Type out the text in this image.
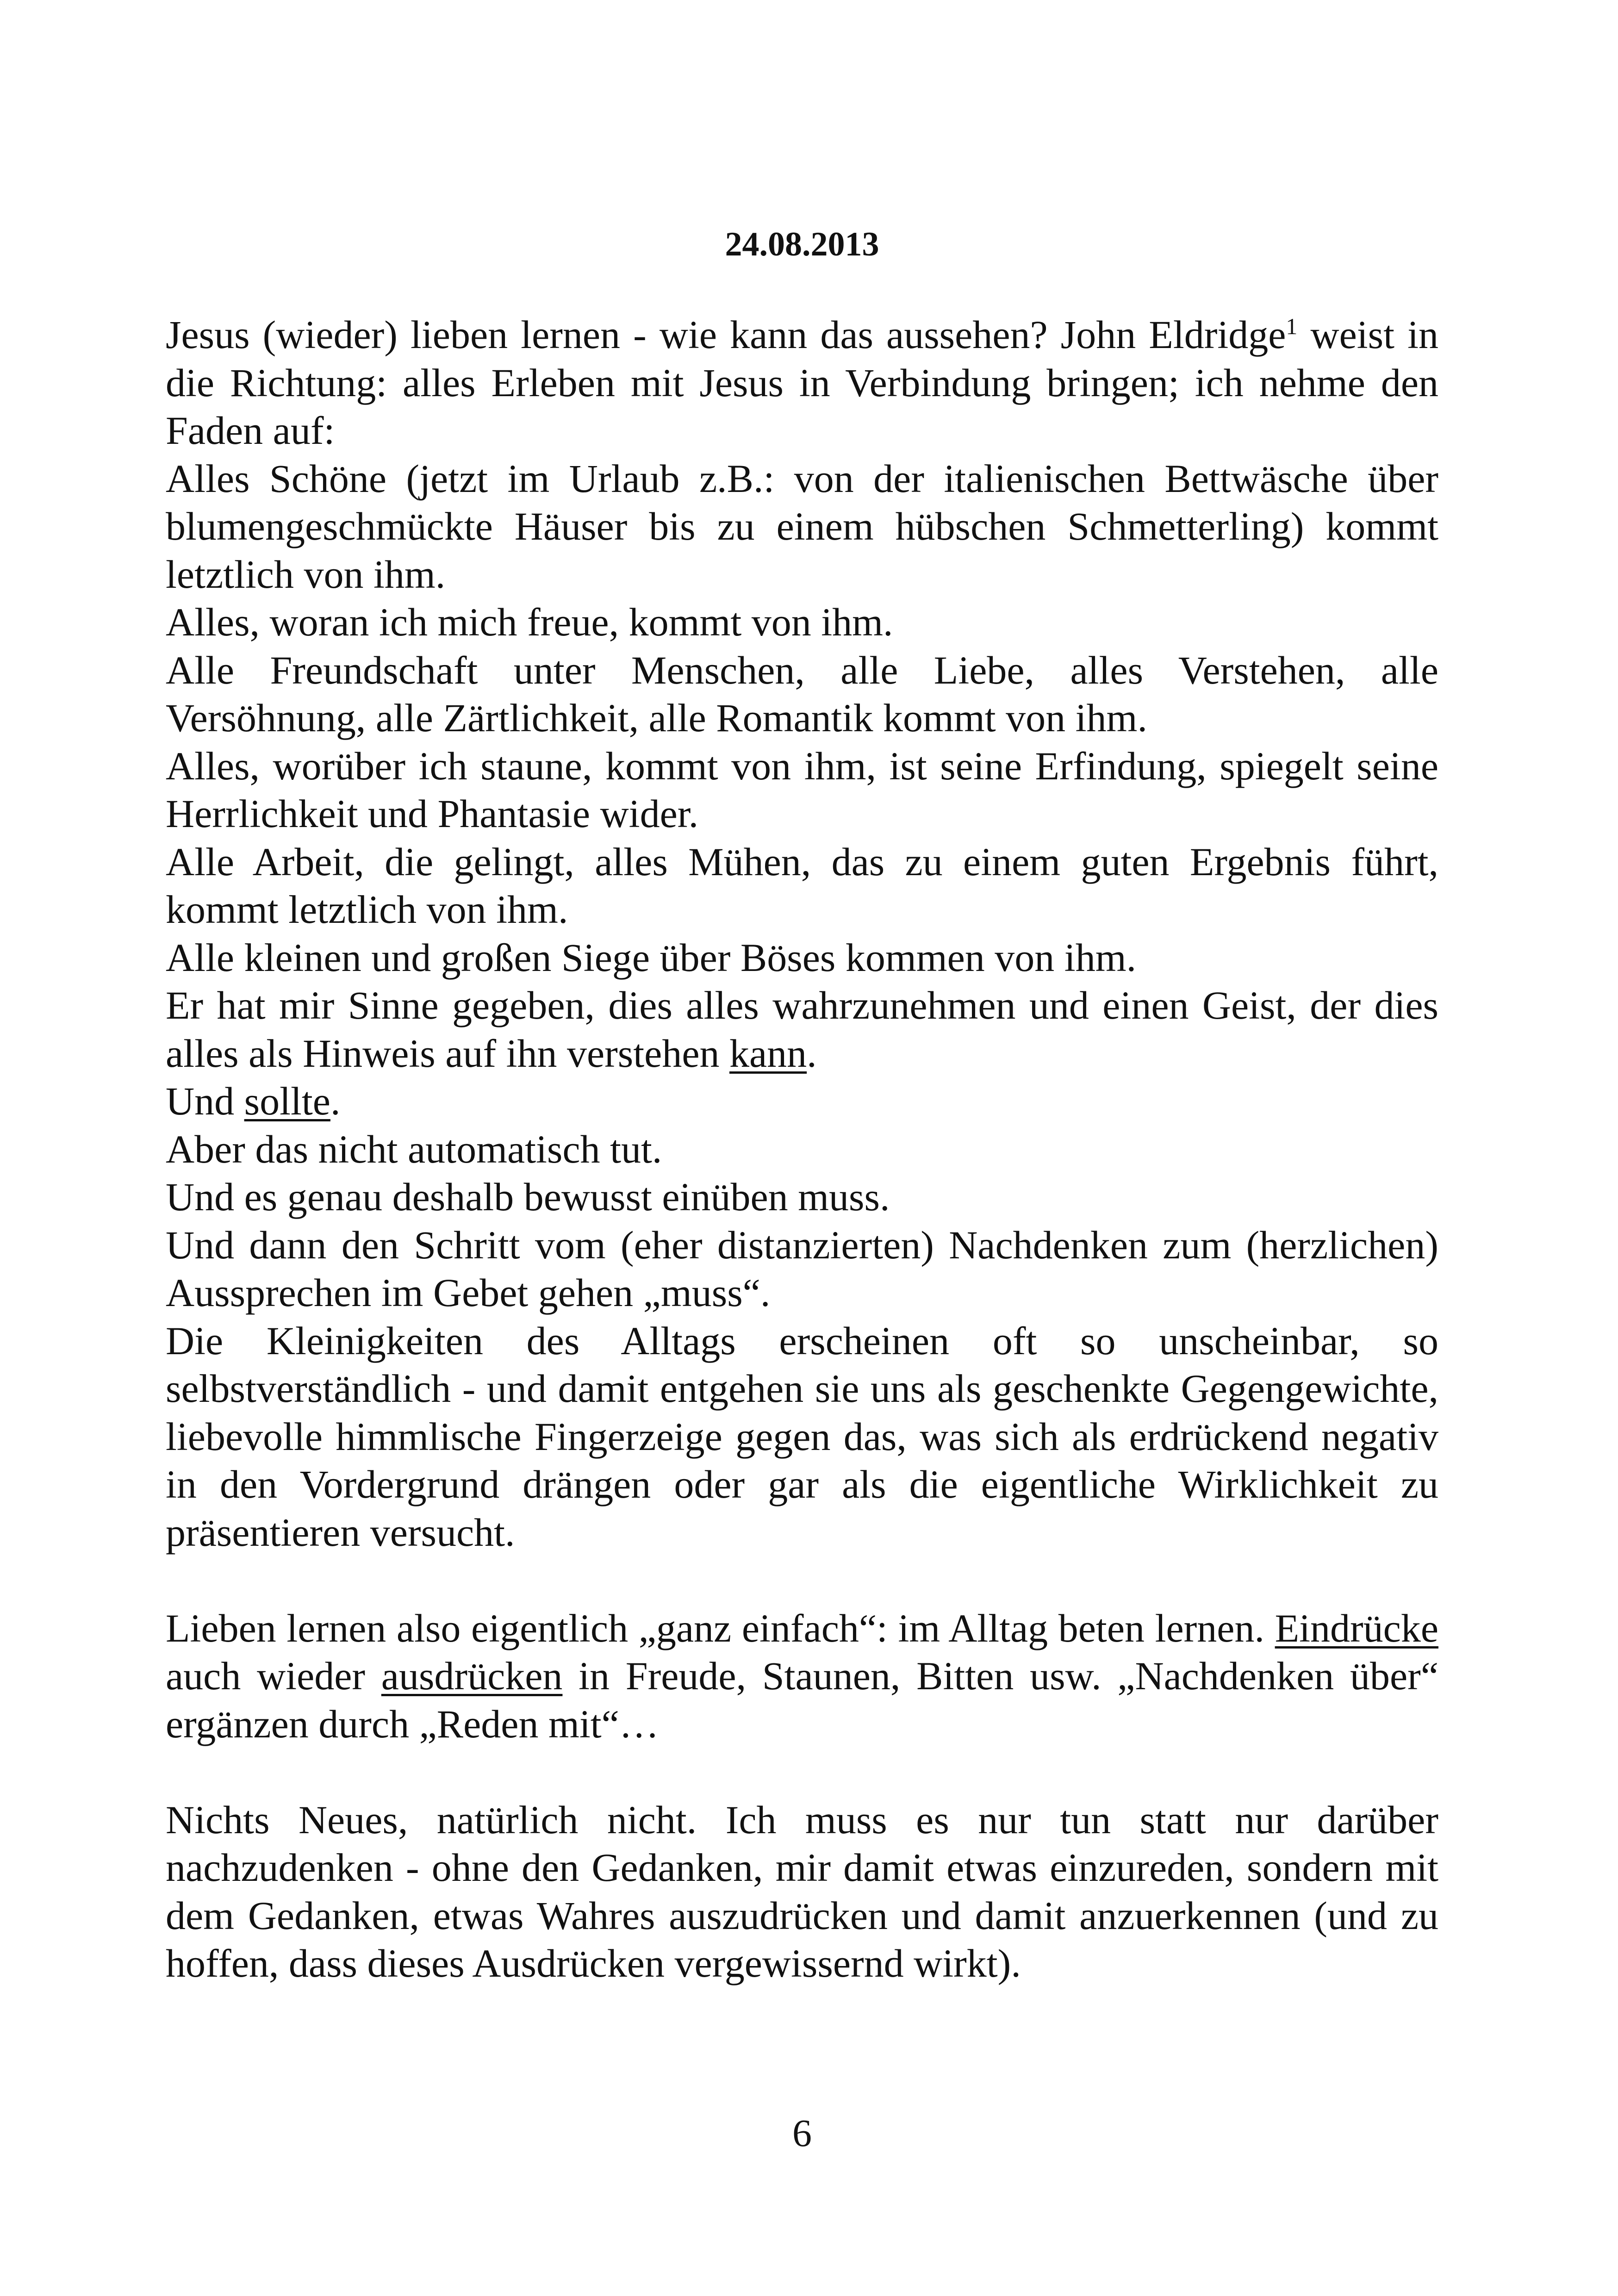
24.08.2013

Jesus (wieder) lieben lernen - wie kann das aussehen? John Eldridge$^1$ weist in die Richtung: alles Erleben mit Jesus in Verbindung bringen; ich nehme den Faden auf:

Alles Schöne (jetzt im Urlaub z.B.: von der italienischen Bettwäsche über blumengeschmückte Häuser bis zu einem hübschen Schmetterling) kommt letztlich von ihm.

Alles, woran ich mich freue, kommt von ihm.

Alle Freundschaft unter Menschen, alle Liebe, alles Verstehen, alle Versöhnung, alle Zärtlichkeit, alle Romantik kommt von ihm.

Alles, worüber ich staune, kommt von ihm, ist seine Erfindung, spiegelt seine Herrlichkeit und Phantasie wider.

Alle Arbeit, die gelingt, alles Mühen, das zu einem guten Ergebnis führt, kommt letztlich von ihm.

Alle kleinen und großen Siege über Böses kommen von ihm.

Er hat mir Sinne gegeben, dies alles wahrzunehmen und einen Geist, der dies alles als Hinweis auf ihn verstehen kann.

Und sollte.

Aber das nicht automatisch tut.

Und es genau deshalb bewusst einüben muss.

Und dann den Schritt vom (eher distanzierten) Nachdenken zum (herzlichen) Aussprechen im Gebet gehen „muss“.

Die Kleinigkeiten des Alltags erscheinen oft so unscheinbar, so selbstverständlich - und damit entgehen sie uns als geschenkte Gegengewichte, liebevolle himmlische Fingerzeige gegen das, was sich als erdrückend negativ in den Vordergrund drängen oder gar als die eigentliche Wirklichkeit zu präsentieren versucht.

Lieben lernen also eigentlich „ganz einfach“: im Alltag beten lernen. Eindrücke auch wieder ausdrücken in Freude, Staunen, Bitten usw. „Nachdenken über“ ergänzen durch „Reden mit“…

Nichts Neues, natürlich nicht. Ich muss es nur tun statt nur darüber nachzudenken - ohne den Gedanken, mir damit etwas einzureden, sondern mit dem Gedanken, etwas Wahres auszudrücken und damit anzuerkennen (und zu hoffen, dass dieses Ausdrücken vergewissernd wirkt).

6
